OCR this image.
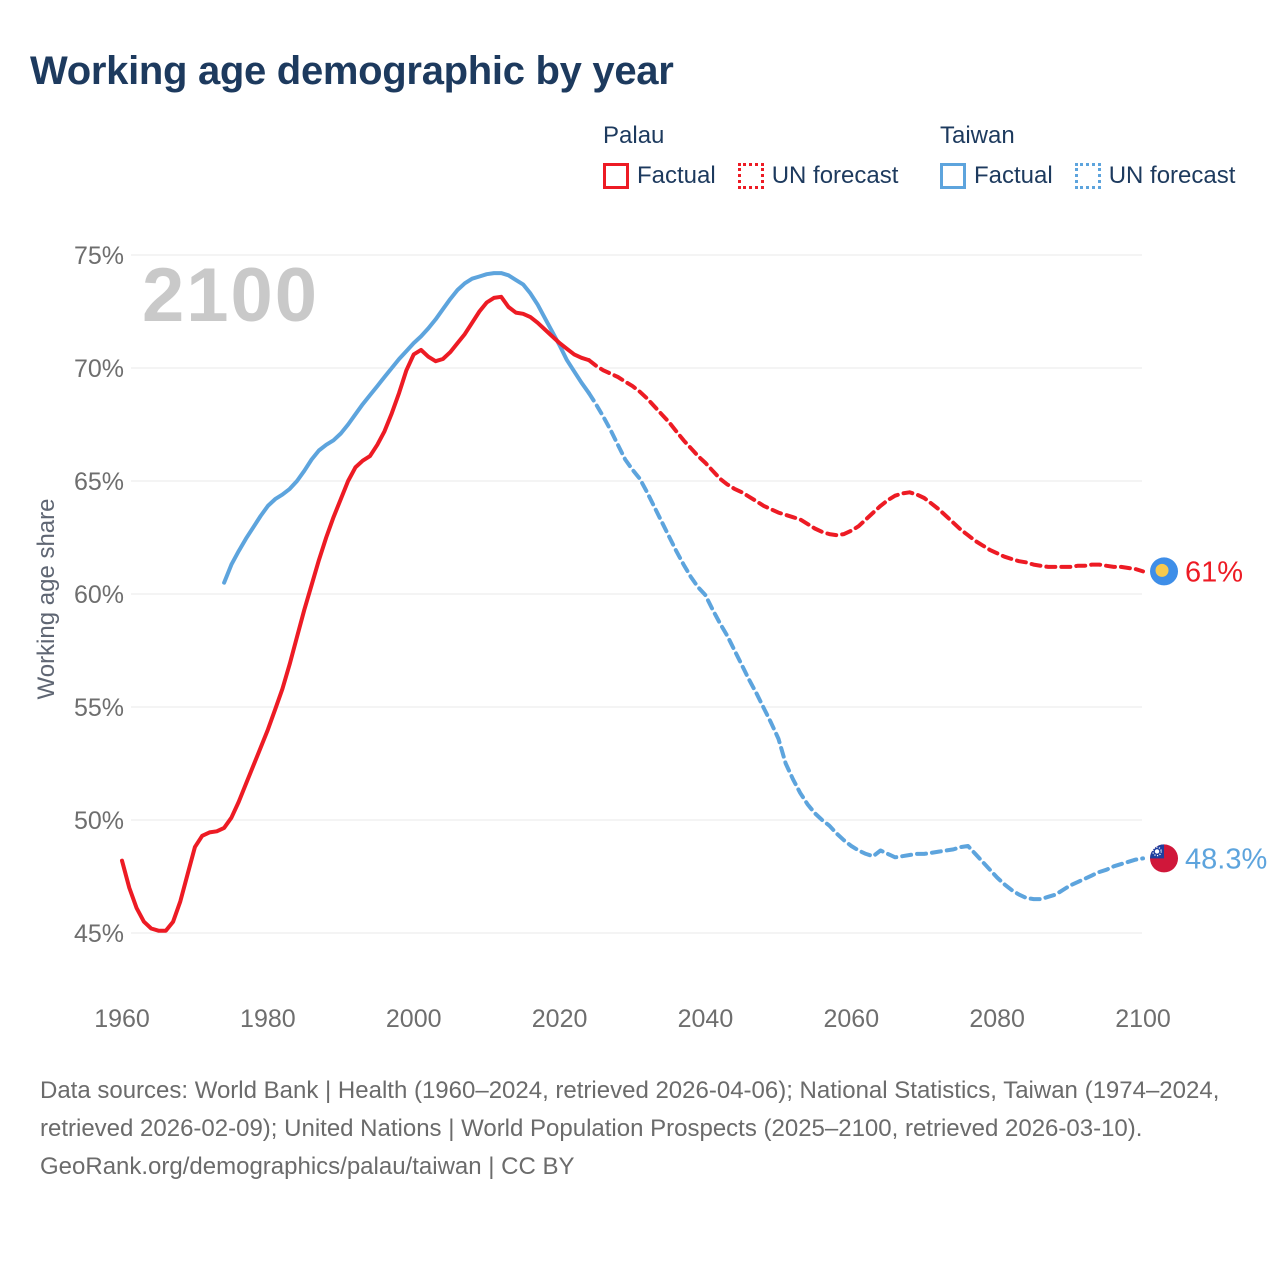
Working age demographic by year
Palau
Factual UN forecast
Taiwan
Factual UN forecast
2100
Working age share
45%
50%
55%
60%
65%
70%
75%
1960	1980	2000	2020	2040	2060	2080	2100
61%
48.3%

Data sources: World Bank | Health (1960–2024, retrieved 2026-04-06); National Statistics, Taiwan (1974–2024, retrieved 2026-02-09); United Nations | World Population Prospects (2025–2100, retrieved 2026-03-10).

GeoRank.org/demographics/palau/taiwan | CC BY
